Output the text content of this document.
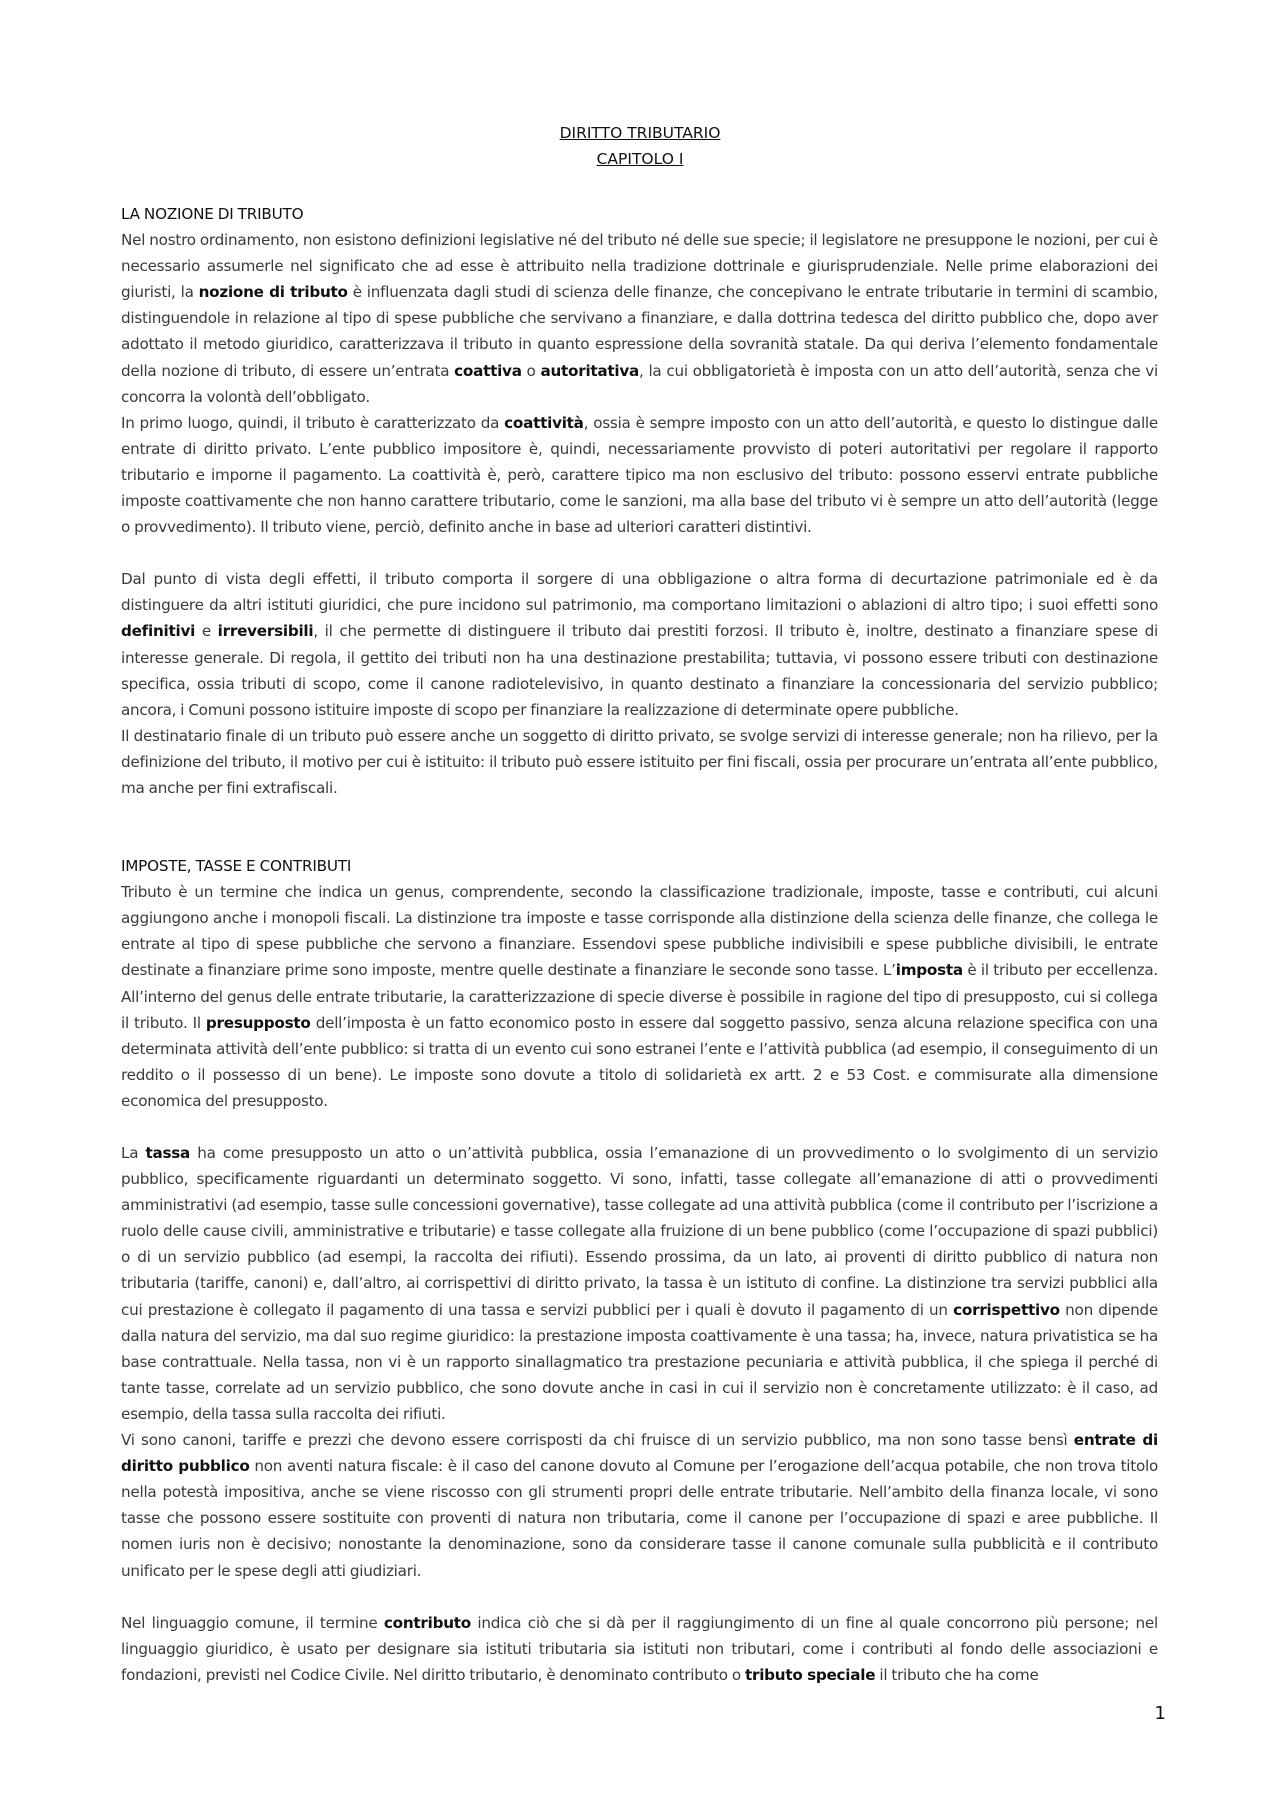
DIRITTO TRIBUTARIO
CAPITOLO I
LA NOZIONE DI TRIBUTO

Nel nostro ordinamento, non esistono definizioni legislative né del tributo né delle sue specie; il legislatore ne presuppone le nozioni, per cui è necessario assumerle nel significato che ad esse è attribuito nella tradizione dottrinale e giurisprudenziale. Nelle prime elaborazioni dei giuristi, la nozione di tributo è influenzata dagli studi di scienza delle finanze, che concepivano le entrate tributarie in termini di scambio, distinguendole in relazione al tipo di spese pubbliche che servivano a finanziare, e dalla dottrina tedesca del diritto pubblico che, dopo aver adottato il metodo giuridico, caratterizzava il tributo in quanto espressione della sovranità statale. Da qui deriva l’elemento fondamentale della nozione di tributo, di essere un’entrata coattiva o autoritativa, la cui obbligatorietà è imposta con un atto dell’autorità, senza che vi concorra la volontà dell’obbligato.

In primo luogo, quindi, il tributo è caratterizzato da coattività, ossia è sempre imposto con un atto dell’autorità, e questo lo distingue dalle entrate di diritto privato. L’ente pubblico impositore è, quindi, necessariamente provvisto di poteri autoritativi per regolare il rapporto tributario e imporne il pagamento. La coattività è, però, carattere tipico ma non esclusivo del tributo: possono esservi entrate pubbliche imposte coattivamente che non hanno carattere tributario, come le sanzioni, ma alla base del tributo vi è sempre un atto dell’autorità (legge o provvedimento). Il tributo viene, perciò, definito anche in base ad ulteriori caratteri distintivi.

Dal punto di vista degli effetti, il tributo comporta il sorgere di una obbligazione o altra forma di decurtazione patrimoniale ed è da distinguere da altri istituti giuridici, che pure incidono sul patrimonio, ma comportano limitazioni o ablazioni di altro tipo; i suoi effetti sono definitivi e irreversibili, il che permette di distinguere il tributo dai prestiti forzosi. Il tributo è, inoltre, destinato a finanziare spese di interesse generale. Di regola, il gettito dei tributi non ha una destinazione prestabilita; tuttavia, vi possono essere tributi con destinazione specifica, ossia tributi di scopo, come il canone radiotelevisivo, in quanto destinato a finanziare la concessionaria del servizio pubblico; ancora, i Comuni possono istituire imposte di scopo per finanziare la realizzazione di determinate opere pubbliche.

Il destinatario finale di un tributo può essere anche un soggetto di diritto privato, se svolge servizi di interesse generale; non ha rilievo, per la definizione del tributo, il motivo per cui è istituito: il tributo può essere istituito per fini fiscali, ossia per procurare un’entrata all’ente pubblico, ma anche per fini extrafiscali.

IMPOSTE, TASSE E CONTRIBUTI

Tributo è un termine che indica un genus, comprendente, secondo la classificazione tradizionale, imposte, tasse e contributi, cui alcuni aggiungono anche i monopoli fiscali. La distinzione tra imposte e tasse corrisponde alla distinzione della scienza delle finanze, che collega le entrate al tipo di spese pubbliche che servono a finanziare. Essendovi spese pubbliche indivisibili e spese pubbliche divisibili, le entrate destinate a finanziare prime sono imposte, mentre quelle destinate a finanziare le seconde sono tasse. L’imposta è il tributo per eccellenza. All’interno del genus delle entrate tributarie, la caratterizzazione di specie diverse è possibile in ragione del tipo di presupposto, cui si collega il tributo. Il presupposto dell’imposta è un fatto economico posto in essere dal soggetto passivo, senza alcuna relazione specifica con una determinata attività dell’ente pubblico: si tratta di un evento cui sono estranei l’ente e l’attività pubblica (ad esempio, il conseguimento di un reddito o il possesso di un bene). Le imposte sono dovute a titolo di solidarietà ex artt. 2 e 53 Cost. e commisurate alla dimensione economica del presupposto.

La tassa ha come presupposto un atto o un’attività pubblica, ossia l’emanazione di un provvedimento o lo svolgimento di un servizio pubblico, specificamente riguardanti un determinato soggetto. Vi sono, infatti, tasse collegate all’emanazione di atti o provvedimenti amministrativi (ad esempio, tasse sulle concessioni governative), tasse collegate ad una attività pubblica (come il contributo per l’iscrizione a ruolo delle cause civili, amministrative e tributarie) e tasse collegate alla fruizione di un bene pubblico (come l’occupazione di spazi pubblici) o di un servizio pubblico (ad esempi, la raccolta dei rifiuti). Essendo prossima, da un lato, ai proventi di diritto pubblico di natura non tributaria (tariffe, canoni) e, dall’altro, ai corrispettivi di diritto privato, la tassa è un istituto di confine. La distinzione tra servizi pubblici alla cui prestazione è collegato il pagamento di una tassa e servizi pubblici per i quali è dovuto il pagamento di un corrispettivo non dipende dalla natura del servizio, ma dal suo regime giuridico: la prestazione imposta coattivamente è una tassa; ha, invece, natura privatistica se ha base contrattuale. Nella tassa, non vi è un rapporto sinallagmatico tra prestazione pecuniaria e attività pubblica, il che spiega il perché di tante tasse, correlate ad un servizio pubblico, che sono dovute anche in casi in cui il servizio non è concretamente utilizzato: è il caso, ad esempio, della tassa sulla raccolta dei rifiuti.

Vi sono canoni, tariffe e prezzi che devono essere corrisposti da chi fruisce di un servizio pubblico, ma non sono tasse bensì entrate di diritto pubblico non aventi natura fiscale: è il caso del canone dovuto al Comune per l’erogazione dell’acqua potabile, che non trova titolo nella potestà impositiva, anche se viene riscosso con gli strumenti propri delle entrate tributarie. Nell’ambito della finanza locale, vi sono tasse che possono essere sostituite con proventi di natura non tributaria, come il canone per l’occupazione di spazi e aree pubbliche. Il nomen iuris non è decisivo; nonostante la denominazione, sono da considerare tasse il canone comunale sulla pubblicità e il contributo unificato per le spese degli atti giudiziari.

Nel linguaggio comune, il termine contributo indica ciò che si dà per il raggiungimento di un fine al quale concorrono più persone; nel linguaggio giuridico, è usato per designare sia istituti tributaria sia istituti non tributari, come i contributi al fondo delle associazioni e fondazioni, previsti nel Codice Civile. Nel diritto tributario, è denominato contributo o tributo speciale il tributo che ha come

1
